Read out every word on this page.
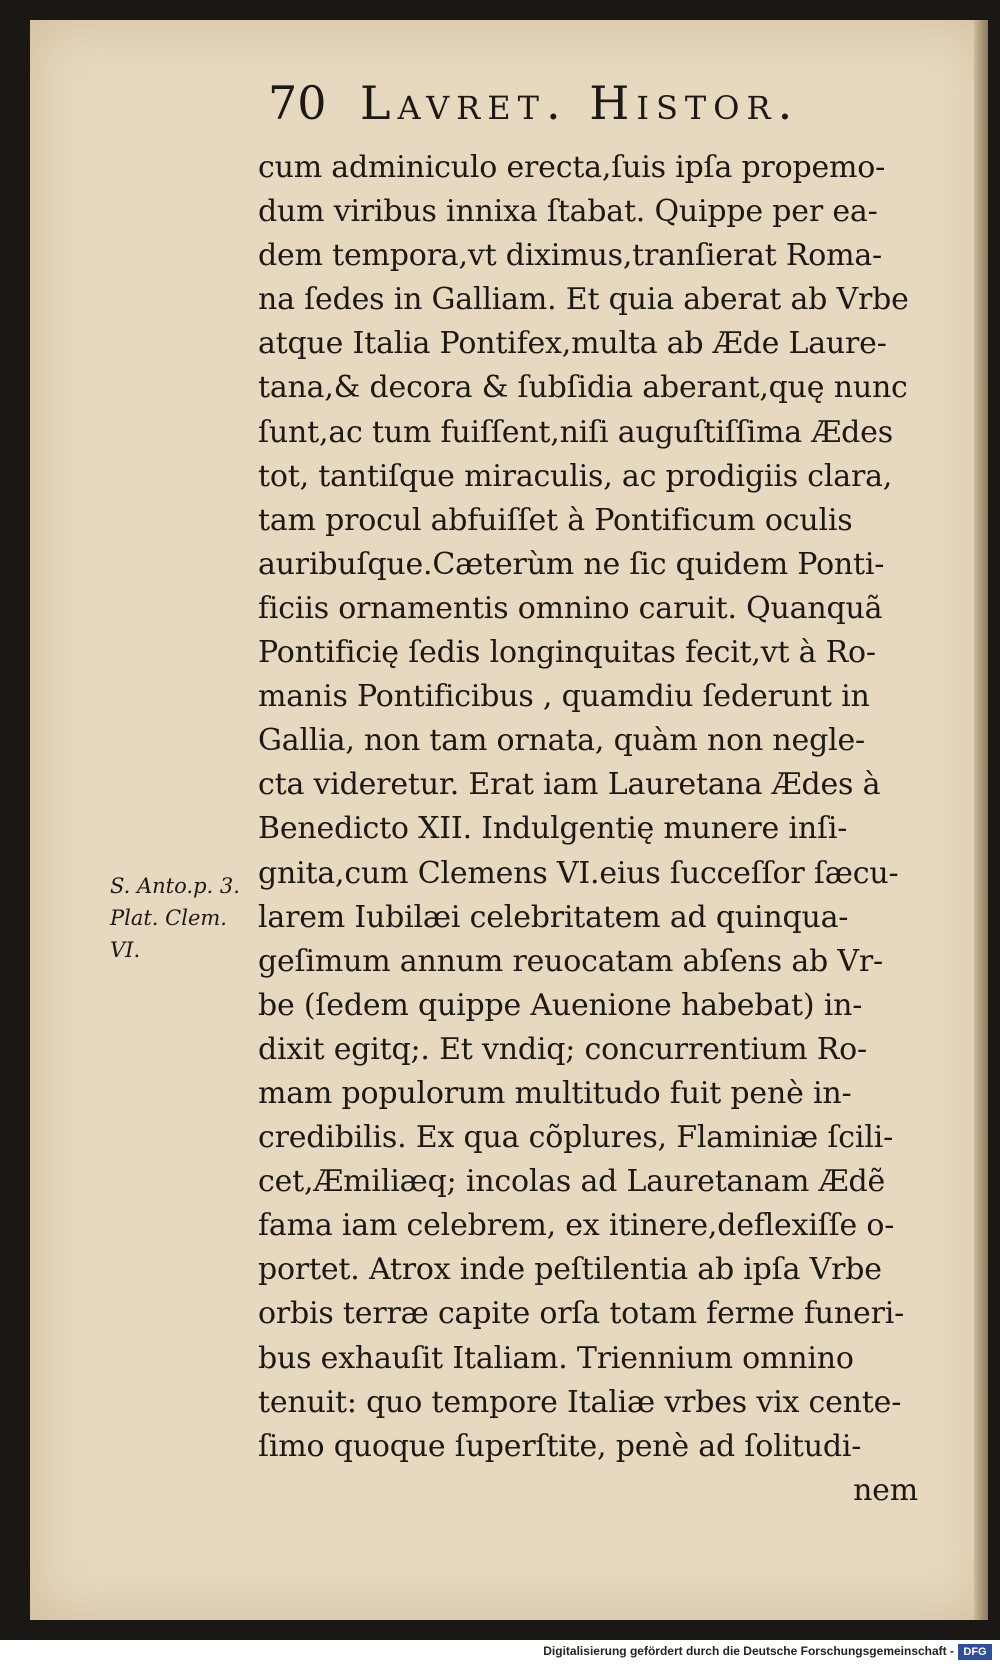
70 Lavret. Histor.
S. Anto.p. 3.
Plat. Clem.
VI.
cum adminiculo erecta,ſuis ipſa propemo-
dum viribus innixa ſtabat. Quippe per ea-
dem tempora,vt diximus,tranſierat Roma-
na ſedes in Galliam. Et quia aberat ab Vrbe
atque Italia Pontifex,multa ab Æde Laure-
tana,& decora & ſubſidia aberant,quę nunc
ſunt,ac tum fuiſſent,niſi auguſtiſſima Ædes
tot, tantiſque miraculis, ac prodigiis clara,
tam procul abfuiſſet à Pontificum oculis
auribuſque.Cæterùm ne ſic quidem Ponti-
ficiis ornamentis omnino caruit. Quanquã
Pontificię ſedis longinquitas fecit,vt à Ro-
manis Pontificibus , quamdiu ſederunt in
Gallia, non tam ornata, quàm non negle-
cta videretur. Erat iam Lauretana Ædes à
Benedicto XII. Indulgentię munere inſi-
gnita,cum Clemens VI.eius ſucceſſor ſæcu-
larem Iubilæi celebritatem ad quinqua-
geſimum annum reuocatam abſens ab Vr-
be (ſedem quippe Auenione habebat) in-
dixit egitq;. Et vndiq; concurrentium Ro-
mam populorum multitudo fuit penè in-
credibilis. Ex qua cõplures, Flaminiæ ſcili-
cet,Æmiliæq; incolas ad Lauretanam Ædẽ
fama iam celebrem, ex itinere,deflexiſſe o-
portet. Atrox inde peſtilentia ab ipſa Vrbe
orbis terræ capite orſa totam ferme funeri-
bus exhauſit Italiam. Triennium omnino
tenuit: quo tempore Italiæ vrbes vix cente-
ſimo quoque ſuperſtite, penè ad ſolitudi-
nem
Digitalisierung gefördert durch die Deutsche Forschungsgemeinschaft - DFG
